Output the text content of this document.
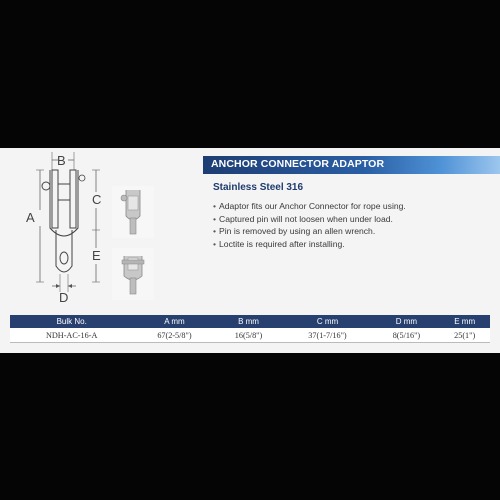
B
A
C
E
D
ANCHOR CONNECTOR ADAPTOR
Stainless Steel 316
• Adaptor fits our Anchor Connector for rope using.
• Captured pin will not loosen when under load.
• Pin is removed by using an allen wrench.
• Loctite is required after installing.
Bulk No.	A mm	B mm	C mm	D mm	E mm
NDH-AC-16-A	67(2-5/8")	16(5/8")	37(1-7/16")	8(5/16")	25(1")
